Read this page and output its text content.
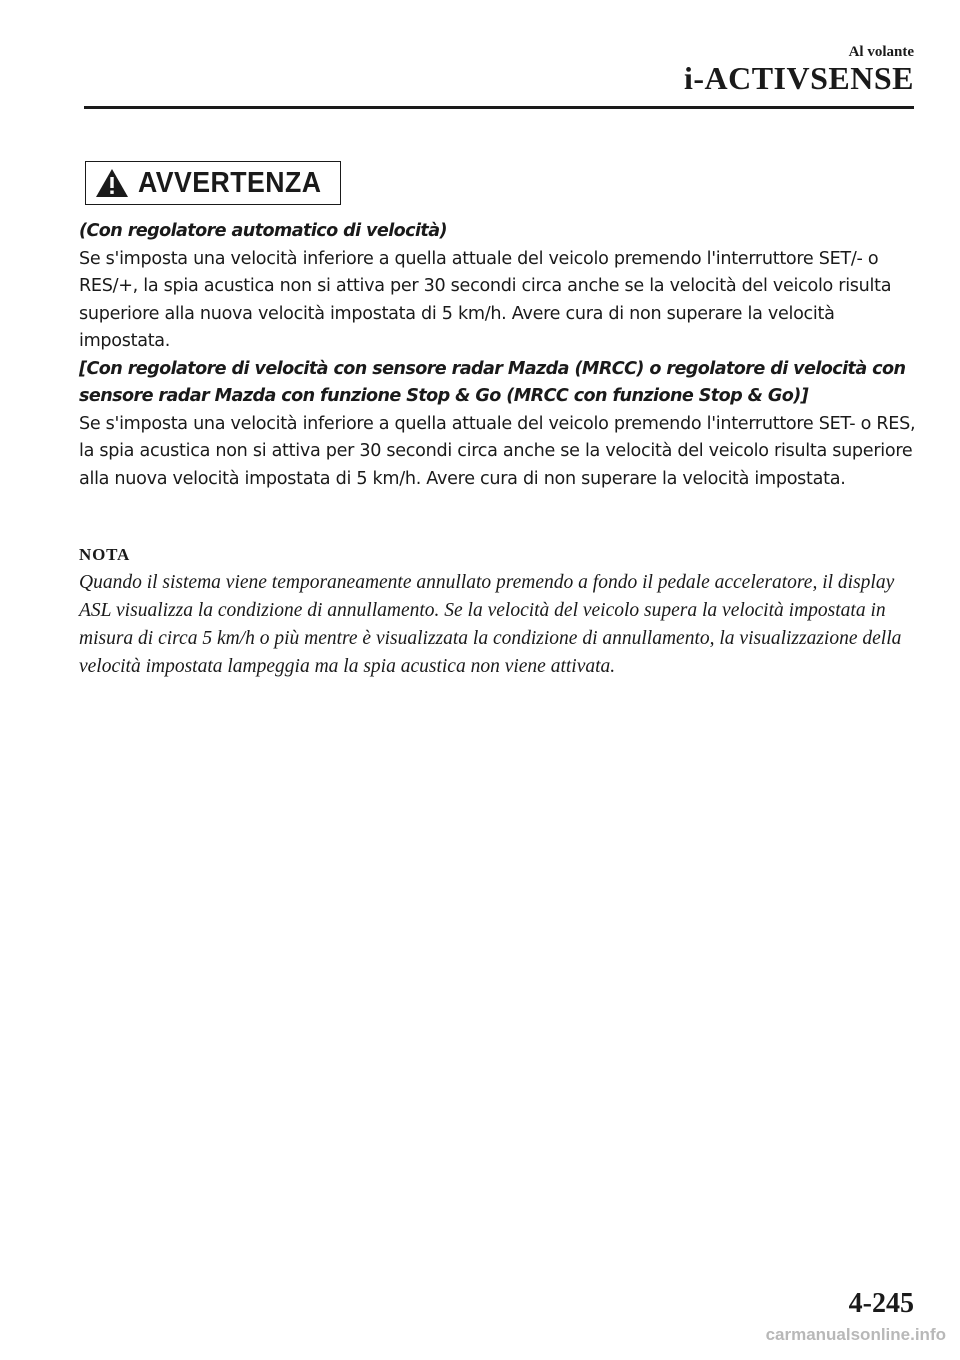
Al volante
i-ACTIVSENSE
AVVERTENZA

(Con regolatore automatico di velocità)

Se s'imposta una velocità inferiore a quella attuale del veicolo premendo l'interruttore SET/- o RES/+, la spia acustica non si attiva per 30 secondi circa anche se la velocità del veicolo risulta superiore alla nuova velocità impostata di 5 km/h. Avere cura di non superare la velocità impostata.

[Con regolatore di velocità con sensore radar Mazda (MRCC) o regolatore di velocità con sensore radar Mazda con funzione Stop & Go (MRCC con funzione Stop & Go)]

Se s'imposta una velocità inferiore a quella attuale del veicolo premendo l'interruttore SET- o RES, la spia acustica non si attiva per 30 secondi circa anche se la velocità del veicolo risulta superiore alla nuova velocità impostata di 5 km/h. Avere cura di non superare la velocità impostata.

NOTA

Quando il sistema viene temporaneamente annullato premendo a fondo il pedale acceleratore, il display ASL visualizza la condizione di annullamento. Se la velocità del veicolo supera la velocità impostata in misura di circa 5 km/h o più mentre è visualizzata la condizione di annullamento, la visualizzazione della velocità impostata lampeggia ma la spia acustica non viene attivata.

4-245
carmanualsonline.info
